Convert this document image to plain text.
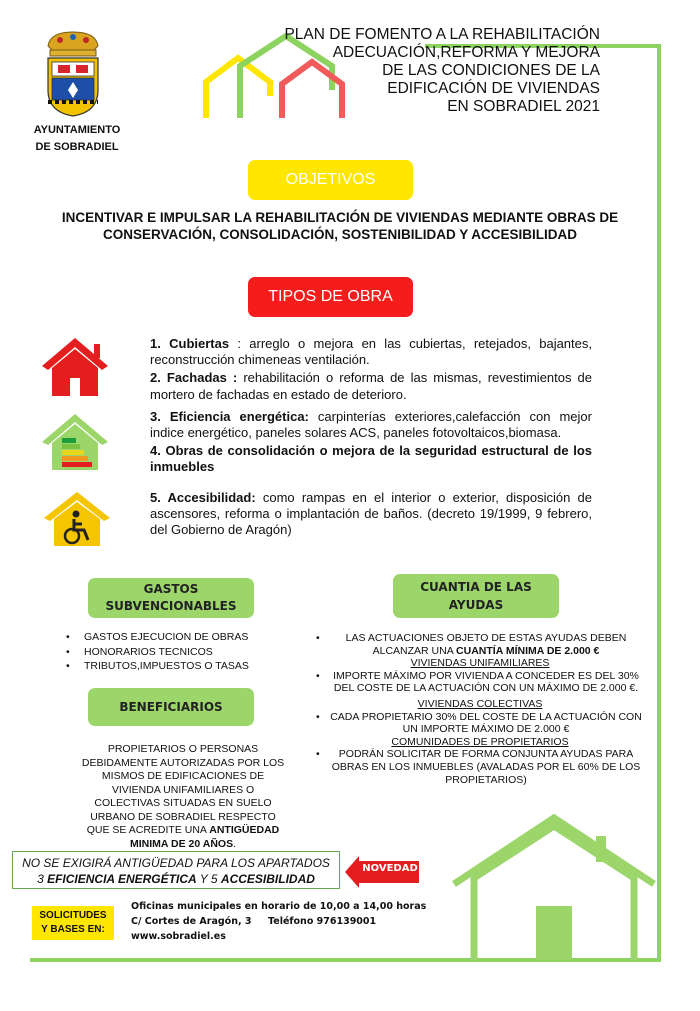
AYUNTAMIENTO
DE SOBRADIEL
PLAN DE FOMENTO A LA REHABILITACIÓN
ADECUACIÓN,REFORMA Y MEJORA
DE LAS CONDICIONES DE LA
EDIFICACIÓN DE VIVIENDAS
EN SOBRADIEL 2021
OBJETIVOS
INCENTIVAR E IMPULSAR LA REHABILITACIÓN DE VIVIENDAS MEDIANTE OBRAS DE CONSERVACIÓN, CONSOLIDACIÓN, SOSTENIBILIDAD Y ACCESIBILIDAD
TIPOS DE OBRA

1. Cubiertas : arreglo o mejora en las cubiertas, retejados, bajantes, reconstrucción chimeneas ventilación.

2. Fachadas : rehabilitación o reforma de las mismas, revestimientos de mortero de fachadas en estado de deterioro.

3. Eficiencia energética: carpinterías exteriores,calefacción con mejor indice energético, paneles solares ACS, paneles fotovoltaicos,biomasa.

4. Obras de consolidación o mejora de la seguridad estructural de los inmuebles

5. Accesibilidad: como rampas en el interior o exterior, disposición de ascensores, reforma o implantación de baños. (decreto 19/1999, 9 febrero, del Gobierno de Aragón)

GASTOS
SUBVENCIONABLES
• GASTOS EJECUCION DE OBRAS
• HONORARIOS TECNICOS
• TRIBUTOS,IMPUESTOS O TASAS
BENEFICIARIOS
PROPIETARIOS O PERSONAS DEBIDAMENTE AUTORIZADAS POR LOS MISMOS DE EDIFICACIONES DE VIVIENDA UNIFAMILIARES O COLECTIVAS SITUADAS EN SUELO URBANO DE SOBRADIEL RESPECTO QUE SE ACREDITE UNA ANTIGÜEDAD MINIMA DE 20 AÑOS.
CUANTIA DE LAS
AYUDAS
• LAS ACTUACIONES OBJETO DE ESTAS AYUDAS DEBEN ALCANZAR UNA CUANTÍA MÍNIMA DE 2.000 €
VIVIENDAS UNIFAMILIARES
• IMPORTE MÁXIMO POR VIVIENDA A CONCEDER ES DEL 30% DEL COSTE DE LA ACTUACIÓN CON UN MÁXIMO DE 2.000 €.
VIVIENDAS COLECTIVAS
• CADA PROPIETARIO 30% DEL COSTE DE LA ACTUACIÓN CON UN IMPORTE MÁXIMO DE 2.000 €
COMUNIDADES DE PROPIETARIOS
• PODRÁN SOLICITAR DE FORMA CONJUNTA AYUDAS PARA OBRAS EN LOS INMUEBLES (AVALADAS POR EL 60% DE LOS PROPIETARIOS)
NO SE EXIGIRÁ ANTIGÜEDAD PARA LOS APARTADOS
3 EFICIENCIA ENERGÉTICA Y 5 ACCESIBILIDAD
NOVEDAD
SOLICITUDES
Y BASES EN:
Oficinas municipales en horario de 10,00 a 14,00 horas
C/ Cortes de Aragón, 3     Teléfono 976139001
www.sobradiel.es
